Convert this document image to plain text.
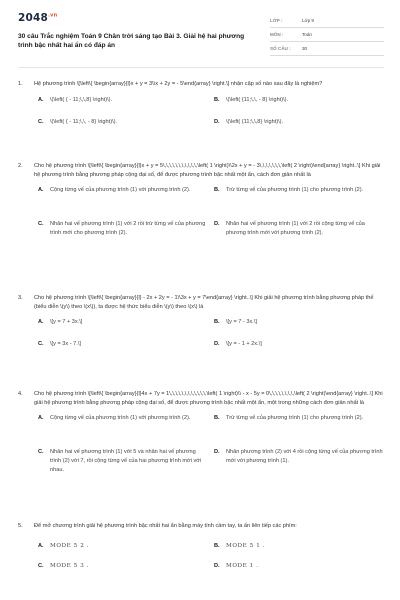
$2048^{.vn}$
30 câu Trắc nghiệm Toán 9 Chân trời sáng tạo Bài 3. Giải hệ hai phương trình bậc nhất hai ẩn có đáp án
LỚP :	Lớp 9
MÔN :	Toán
SỐ CÂU :	30
1.	Hệ phương trình \[\left\{ \begin{array}{l}x + y = 3\\x + 2y = - 5\end{array} \right.\] nhận cặp số nào sau đây là nghiệm?
A.	\(\left( { - 11;\,\,8} \right)\).	B.	\(\left( {11;\,\, - 8} \right)\).
C.	\(\left( { - 11;\,\, - 8} \right)\).	D.	\(\left( {11;\,\,8} \right)\).
2.	Cho hệ phương trình \[\left\{ \begin{array}{l}x + y = 5\,\,\,\,\,\,\,\,\,\,\,\left( 1 \right)\\2x + y = - 3\,\,\,\,\,\,\,\left( 2 \right)\end{array} \right..\] Khi giải hệ phương trình bằng phương pháp cộng đại số, để được phương trình bậc nhất một ẩn, cách đơn giản nhất là
A.	Cộng từng vế của phương trình (1) với phương trình (2).	B.	Trừ từng vế của phương trình (1) cho phương trình (2).
C.	Nhân hai vế phương trình (1) với 2 rồi trừ từng vế của phương trình mới cho phương trình (2).
D.	Nhân hai vế phương trình (1) với 2 rồi cộng từng vế của phương trình mới với phương trình (2).
3.	Cho hệ phương trình \[\left\{ \begin{array}{l} - 2x + 2y = - 1\\3x + y = 7\end{array} \right..\] Khi giải hệ phương trình bằng phương pháp thế (biểu diễn \(y\) theo \(x\)), ta được hệ thức biểu diễn \(y\) theo \(x\) là
A.	\[y = 7 + 3x.\]	B.	\[y = 7 - 3x.\]
C.	\[y = 3x - 7.\]	D.	\[y = - 1 + 2x.\]
4.	Cho hệ phương trình \[\left\{ \begin{array}{l}4x + 7y = 1\,\,\,\,\,\,\,\,\,\,\,\,\left( 1 \right)\\ - x - 5y = 0\,\,\,\,\,\,\,\,\left( 2 \right)\end{array} \right..\] Khi giải hệ phương trình bằng phương pháp cộng đại số, để được phương trình bậc nhất một ẩn, một trong những cách đơn giản nhất là
A.	Cộng từng vế của phương trình (1) với phương trình (2).	B.	Trừ từng vế của phương trình (1) cho phương trình (2).
C.	Nhân hai vế phương trình (1) với 5 và nhân hai vế phương trình (2) với 7, rồi cộng từng vế của hai phương trình mới với nhau.
D.	Nhân phương trình (2) với 4 rồi cộng từng vế của phương trình mới với phương trình (1).
5.	Để mở chương trình giải hệ phương trình bậc nhất hai ẩn bằng máy tính cầm tay, ta ấn liên tiếp các phím:
A.	MODE 5 2 .	B.	MODE 5 1 .
C.	MODE 5 3 .	D.	MODE 1 .
